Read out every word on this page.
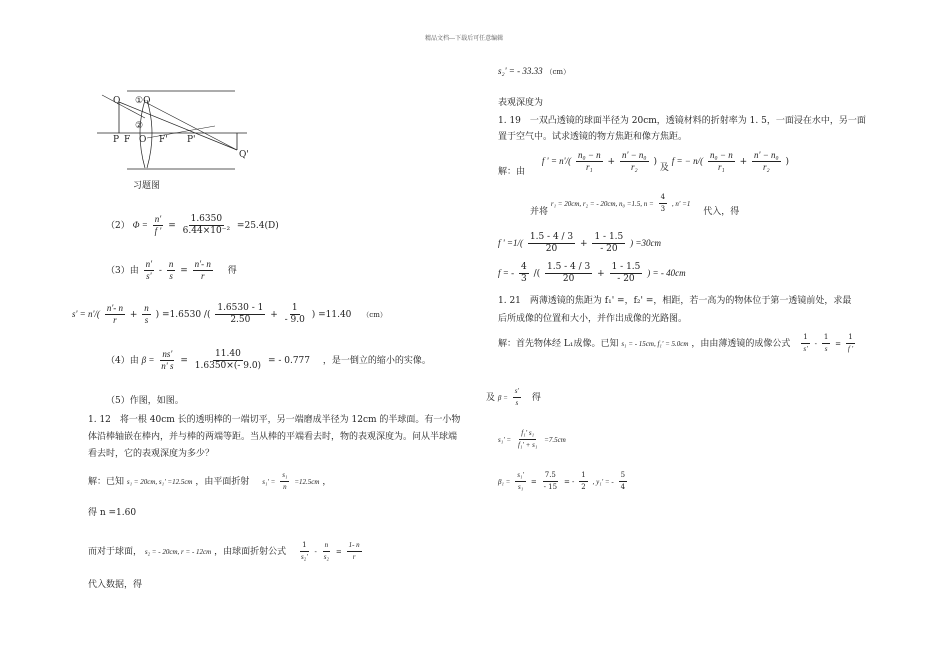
精品文档---下载后可任意编辑
Q ①Q
②
P F O F' P'
Q'
习题图
（2） $\Phi = \frac{n'}{f '} = \frac{1.6350}{\text{6.44×10⁻²}} =25.4(D)$
（3）由 $\frac{n'}{s'} - \frac{n}{s} = \frac{n'- n}{r}$ 得
$s' = n'/( \frac{n'- n}{r} + \frac{n}{s}$ ) =1.6530 /( $\frac{1.6530 - 1}{2.50} + \frac{1}{- 9.0}$ ) =11.40 （cm）
（4）由 $\beta = \frac{ns'}{n' s} = \frac{11.40}{1.6350\times(- 9.0)}$ = - 0.777 ，是一倒立的缩小的实像。
（5）作图，如图。
1. 12　将一根 40cm 长的透明棒的一端切平，另一端磨成半径为 12cm 的半球面。有一小物
体沿棒轴嵌在棒内，并与棒的两端等距。当从棒的平端看去时，物的表观深度为。问从半球端
看去时，它的表观深度为多少？
解：已知 s₁ = 20cm, s₁' =12.5cm ，由平面折射 $s_1' = \frac{\text{s₁}}{n} =12.5cm$ ，
得 n =1.60
而对于球面， s₂ = - 20cm, r = - 12cm ，由球面折射公式 $\frac{1}{\text{s₂'}} - \frac{n}{\text{s₂}} = \frac{1- n}{r}$
代入数据，得
s₂' = - 33.33 （cm）
表观深度为
1. 19　一双凸透镜的球面半径为 20cm，透镜材料的折射率为 1. 5，一面浸在水中，另一面
置于空气中。试求透镜的物方焦距和像方焦距。
解：由 f ' = $n'/( \frac{\text{n₀ − n}}{\text{r₁}} + \frac{\text{n' − n₀}}{\text{r₂}}$ ) 及 f = − $n/( \frac{\text{n₀ − n}}{\text{r₁}} + \frac{\text{n' − n₀}}{\text{r₂}}$ )
并将 r₁ = 20cm, r₂ = - 20cm, n₀ =1.5, $n = \frac{4}{3}$ , n' =1 代入，得
f ' $=1/( \frac{1.5 - 4 / 3}{20} + \frac{1 - 1.5}{- 20}$ ) =30cm
f = - $\frac{4}{3}$ /( $\frac{1.5 - 4 / 3}{20} + \frac{1 - 1.5}{- 20}$ ) = - 40cm
1. 21　两薄透镜的焦距为 f₁' =，f₂' =，相距，若一高为的物体位于第一透镜前处，求最
后所成像的位置和大小，并作出成像的光路图。
解：首先物体经 L₁成像。已知 s₁ = - 15cm, f₁' = 5.0cm ，由由薄透镜的成像公式 $\frac{1}{s'} - \frac{1}{s} = \frac{1}{f '}$
及 $\beta = \frac{s'}{s}$ 得
$s_1' = \frac{\text{f₁' s₁}}{\text{f₁' + s₁}} =7.5cm$
$\beta_1 = \frac{\text{s₁'}}{\text{s₁}} = \frac{7.5}{- 15}$ = - $\frac{1}{2}$ , y₁' = - $\frac{5}{4}$
